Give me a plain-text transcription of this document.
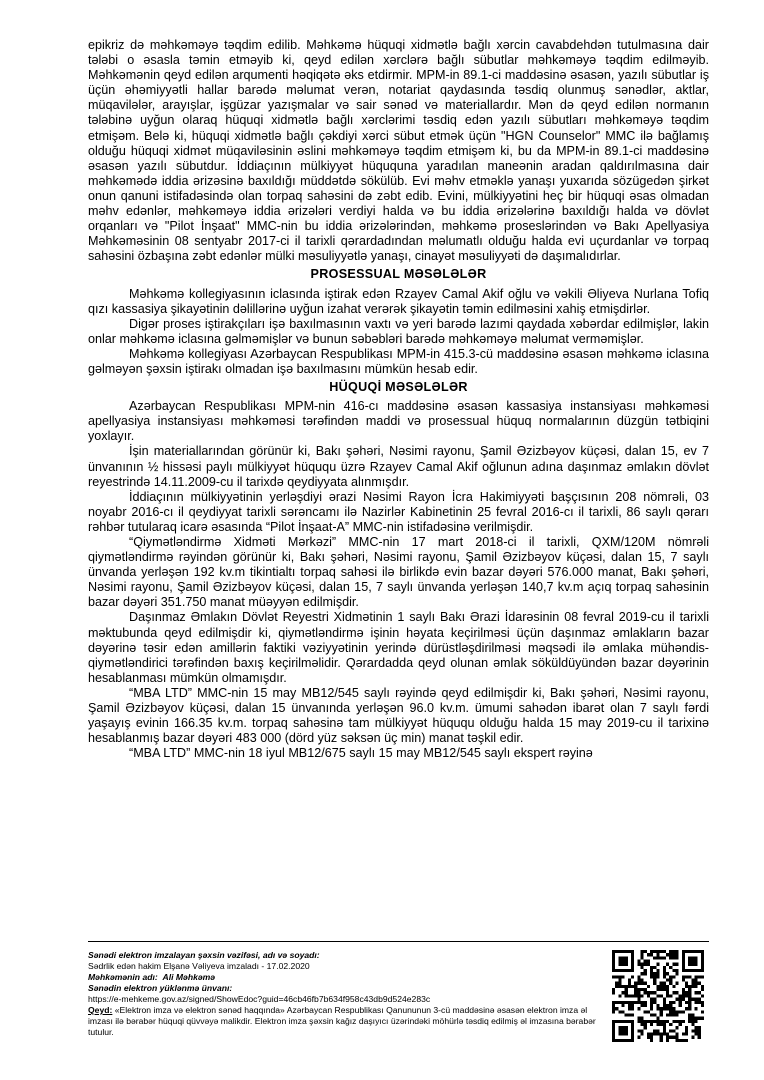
epikriz də məhkəməyə təqdim edilib. Məhkəmə hüquqi xidmətlə bağlı xərcin cavabdehdən tutulmasına dair tələbi o əsasla təmin etməyib ki, qeyd edilən xərclərə bağlı sübutlar məhkəməyə təqdim edilməyib. Məhkəmənin qeyd edilən arqumenti həqiqətə əks etdirmir. MPM-in 89.1-ci maddəsinə əsasən, yazılı sübutlar iş üçün əhəmiyyətli hallar barədə məlumat verən, notariat qaydasında təsdiq olunmuş sənədlər, aktlar, müqavilələr, arayışlar, işgüzar yazışmalar və sair sənəd və materiallardır. Mən də qeyd edilən normanın tələbinə uyğun olaraq hüquqi xidmətlə bağlı xərclərimi təsdiq edən yazılı sübutları məhkəməyə təqdim etmişəm. Belə ki, hüquqi xidmətlə bağlı çəkdiyi xərci sübut etmək üçün "HGN Counselor" MMC ilə bağlamış olduğu hüquqi xidmət müqaviləsinin əslini məhkəməyə təqdim etmişəm ki, bu da MPM-in 89.1-ci maddəsinə əsasən yazılı sübutdur. İddiaçının mülkiyyət hüququna yaradılan maneənin aradan qaldırılmasına dair məhkəmədə iddia ərizəsinə baxıldığı müddətdə sökülüb. Evi məhv etməklə yanaşı yuxarıda sözügedən şirkət onun qanuni istifadəsində olan torpaq sahəsini də zəbt edib. Evini, mülkiyyətini heç bir hüquqi əsas olmadan məhv edənlər, məhkəməyə iddia ərizələri verdiyi halda və bu iddia ərizələrinə baxıldığı halda və dövlət orqanları və "Pilot İnşaat" MMC-nin bu iddia ərizələrindən, məhkəmə proseslərindən və Bakı Apellyasiya Məhkəməsinin 08 sentyabr 2017-ci il tarixli qərardadından məlumatlı olduğu halda evi uçurdanlar və torpaq sahəsini özbaşına zəbt edənlər mülki məsuliyyətlə yanaşı, cinayət məsuliyyəti də daşımalıdırlar.

PROSESSUAL MƏSƏLƏLƏR

Məhkəmə kollegiyasının iclasında iştirak edən Rzayev Camal Akif oğlu və vəkili Əliyeva Nurlana Tofiq qızı kassasiya şikayətinin dəlillərinə uyğun izahat verərək şikayətin təmin edilməsini xahiş etmişdirlər.

Digər proses iştirakçıları işə baxılmasının vaxtı və yeri barədə lazımi qaydada xəbərdar edilmişlər, lakin onlar məhkəmə iclasına gəlməmişlər və bunun səbəbləri barədə məhkəməyə məlumat verməmişlər.

Məhkəmə kollegiyası Azərbaycan Respublikası MPM-in 415.3-cü maddəsinə əsasən məhkəmə iclasına gəlməyən şəxsin iştirakı olmadan işə baxılmasını mümkün hesab edir.

HÜQUQİ MƏSƏLƏLƏR

Azərbaycan Respublikası MPM-nin 416-cı maddəsinə əsasən kassasiya instansiyası məhkəməsi apellyasiya instansiyası məhkəməsi tərəfindən maddi və prosessual hüquq normalarının düzgün tətbiqini yoxlayır.

İşin materiallarından görünür ki, Bakı şəhəri, Nəsimi rayonu, Şamil Əzizbəyov küçəsi, dalan 15, ev 7 ünvanının ½ hissəsi paylı mülkiyyət hüququ üzrə Rzayev Camal Akif oğlunun adına daşınmaz əmlakın dövlət reyestrində 14.11.2009-cu il tarixdə qeydiyyata alınmışdır.

İddiaçının mülkiyyətinin yerləşdiyi ərazi Nəsimi Rayon İcra Hakimiyyəti başçısının 208 nömrəli, 03 noyabr 2016-cı il qeydiyyat tarixli sərəncamı ilə Nazirlər Kabinetinin 25 fevral 2016-cı il tarixli, 86 saylı qərarı rəhbər tutularaq icarə əsasında “Pilot İnşaat-A” MMC-nin istifadəsinə verilmişdir.

“Qiymətləndirmə Xidməti Mərkəzi” MMC-nin 17 mart 2018-ci il tarixli, QXM/120M nömrəli qiymətləndirmə rəyindən görünür ki, Bakı şəhəri, Nəsimi rayonu, Şamil Əzizbəyov küçəsi, dalan 15, 7 saylı ünvanda yerləşən 192 kv.m tikintialtı torpaq sahəsi ilə birlikdə evin bazar dəyəri 576.000 manat, Bakı şəhəri, Nəsimi rayonu, Şamil Əzizbəyov küçəsi, dalan 15, 7 saylı ünvanda yerləşən 140,7 kv.m açıq torpaq sahəsinin bazar dəyəri 351.750 manat müəyyən edilmişdir.

Daşınmaz Əmlakın Dövlət Reyestri Xidmətinin 1 saylı Bakı Ərazi İdarəsinin 08 fevral 2019-cu il tarixli məktubunda qeyd edilmişdir ki, qiymətləndirmə işinin həyata keçirilməsi üçün daşınmaz əmlakların bazar dəyərinə təsir edən amillərin faktiki vəziyyətinin yerində dürüstləşdirilməsi məqsədi ilə əmlaka mühəndis-qiymətləndirici tərəfindən baxış keçirilməlidir. Qərardadda qeyd olunan əmlak söküldüyündən bazar dəyərinin hesablanması mümkün olmamışdır.

“MBA LTD” MMC-nin 15 may MB12/545 saylı rəyində qeyd edilmişdir ki, Bakı şəhəri, Nəsimi rayonu, Şamil Əzizbəyov küçəsi, dalan 15 ünvanında yerləşən 96.0 kv.m. ümumi sahədən ibarət olan 7 saylı fərdi yaşayış evinin 166.35 kv.m. torpaq sahəsinə tam mülkiyyət hüququ olduğu halda 15 may 2019-cu il tarixinə hesablanmış bazar dəyəri 483 000 (dörd yüz səksən üç min) manat təşkil edir.

“MBA LTD” MMC-nin 18 iyul MB12/675 saylı 15 may MB12/545 saylı ekspert rəyinə

Sənədi elektron imzalayan şəxsin vəzifəsi, adı və soyadı:
Sədrlik edən hakim Elşanə Vəliyeva imzaladı - 17.02.2020
Məhkəmənin adı: Ali Məhkəmə
Sənədin elektron yüklənmə ünvanı:
https://e-mehkeme.gov.az/signed/ShowEdoc?guid=46cb46fb7b634f958c43db9d524e283c
Qeyd: «Elektron imza və elektron sənəd haqqında» Azərbaycan Respublikası Qanununun 3-cü maddəsinə əsasən elektron imza əl imzası ilə bərabər hüquqi qüvvəyə malikdir. Elektron imza şəxsin kağız daşıyıcı üzərindəki möhürlə təsdiq edilmiş əl imzasına bərabər tutulur.
